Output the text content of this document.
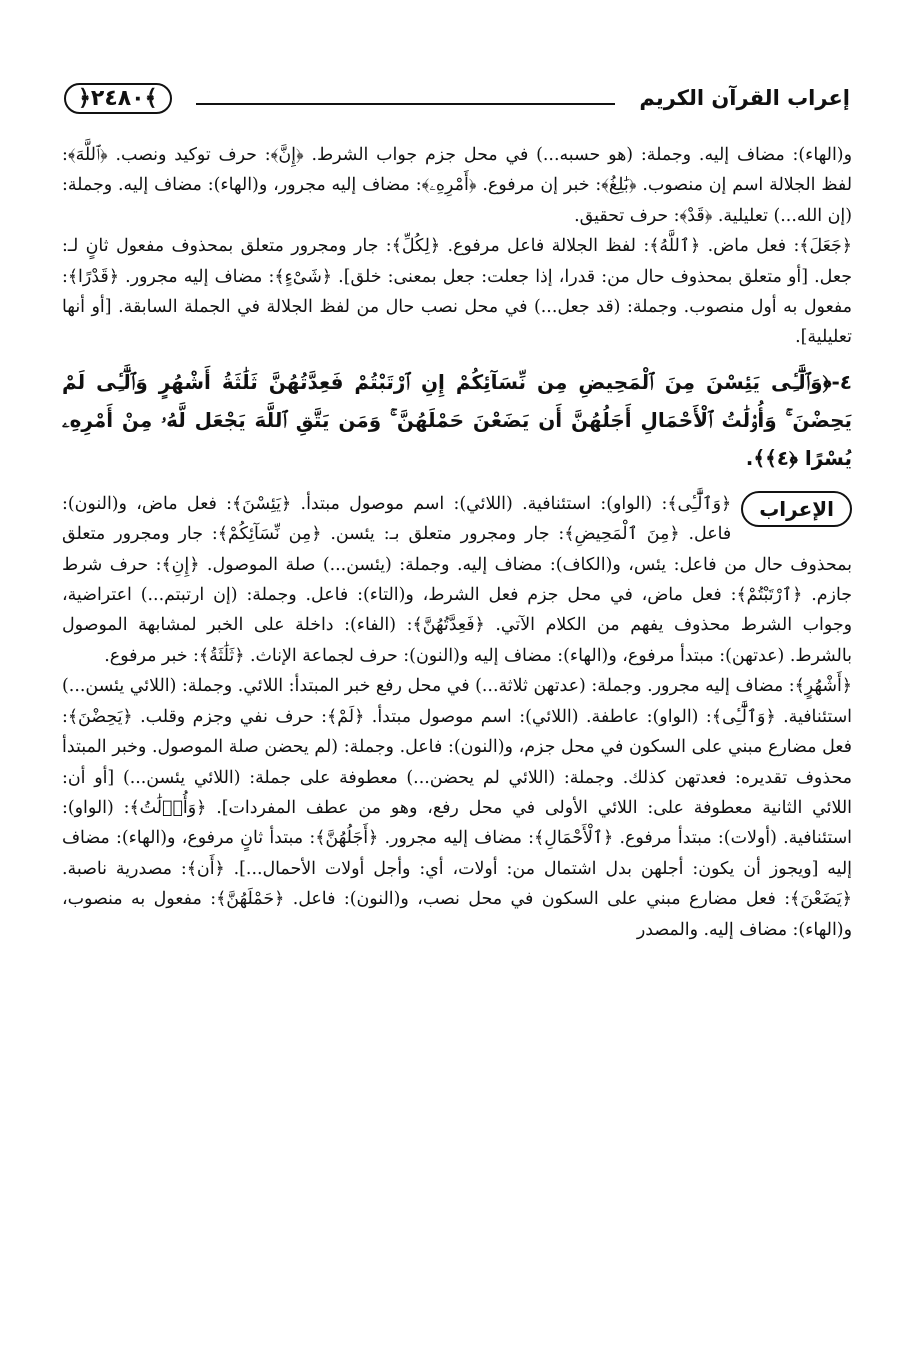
﴿٢٤٨٠﴾	إعراب القرآن الكريم

و(الهاء): مضاف إليه. وجملة: (هو حسبه...) في محل جزم جواب الشرط. ﴿إِنَّ﴾: حرف توكيد ونصب. ﴿ٱللَّهَ﴾: لفظ الجلالة اسم إن منصوب. ﴿بَٰلِغُ﴾: خبر إن مرفوع. ﴿أَمْرِهِۦ﴾: مضاف إليه مجرور، و(الهاء): مضاف إليه. وجملة: (إن الله...) تعليلية. ﴿قَدْ﴾: حرف تحقيق.

﴿جَعَلَ﴾: فعل ماض. ﴿ٱللَّهُ﴾: لفظ الجلالة فاعل مرفوع. ﴿لِكُلِّ﴾: جار ومجرور متعلق بمحذوف مفعول ثانٍ لـ: جعل. [أو متعلق بمحذوف حال من: قدرا، إذا جعلت: جعل بمعنى: خلق]. ﴿شَىْءٍ﴾: مضاف إليه مجرور. ﴿قَدْرًا﴾: مفعول به أول منصوب. وجملة: (قد جعل...) في محل نصب حال من لفظ الجلالة في الجملة السابقة. [أو أنها تعليلية].

٤-﴿وَٱلَّٰٓـِٔى يَئِسْنَ مِنَ ٱلْمَحِيضِ مِن نِّسَآئِكُمْ إِنِ ٱرْتَبْتُمْ فَعِدَّتُهُنَّ ثَلَٰثَةُ أَشْهُرٍ وَٱلَّٰٓـِٔى لَمْ يَحِضْنَ ۚ وَأُو۟لَٰتُ ٱلْأَحْمَالِ أَجَلُهُنَّ أَن يَضَعْنَ حَمْلَهُنَّ ۚ وَمَن يَتَّقِ ٱللَّهَ يَجْعَل لَّهُۥ مِنْ أَمْرِهِۦ يُسْرًا ﴿٤﴾﴾.

الإعراب

﴿وَٱلَّٰٓـِٔى﴾: (الواو): استئنافية. (اللائي): اسم موصول مبتدأ. ﴿يَئِسْنَ﴾: فعل ماض، و(النون): فاعل. ﴿مِنَ ٱلْمَحِيضِ﴾: جار ومجرور متعلق بـ: يئسن. ﴿مِن نِّسَآئِكُمْ﴾: جار ومجرور متعلق بمحذوف حال من فاعل: يئس، و(الكاف): مضاف إليه. وجملة: (يئسن...) صلة الموصول. ﴿إِنِ﴾: حرف شرط جازم. ﴿ٱرْتَبْتُمْ﴾: فعل ماض، في محل جزم فعل الشرط، و(التاء): فاعل. وجملة: (إن ارتبتم...) اعتراضية، وجواب الشرط محذوف يفهم من الكلام الآتي. ﴿فَعِدَّتُهُنَّ﴾: (الفاء): داخلة على الخبر لمشابهة الموصول بالشرط. (عدتهن): مبتدأ مرفوع، و(الهاء): مضاف إليه و(النون): حرف لجماعة الإناث. ﴿ثَلَٰثَةُ﴾: خبر مرفوع.

﴿أَشْهُرٍ﴾: مضاف إليه مجرور. وجملة: (عدتهن ثلاثة...) في محل رفع خبر المبتدأ: اللائي. وجملة: (اللائي يئسن...) استئنافية. ﴿وَٱلَّٰٓـِٔى﴾: (الواو): عاطفة. (اللائي): اسم موصول مبتدأ. ﴿لَمْ﴾: حرف نفي وجزم وقلب. ﴿يَحِضْنَ﴾: فعل مضارع مبني على السكون في محل جزم، و(النون): فاعل. وجملة: (لم يحضن صلة الموصول. وخبر المبتدأ محذوف تقديره: فعدتهن كذلك. وجملة: (اللائي لم يحضن...) معطوفة على جملة: (اللائي يئسن...) [أو أن: اللائي الثانية معطوفة على: اللائي الأولى في محل رفع، وهو من عطف المفردات]. ﴿وَأُو۟لَٰتُ﴾: (الواو): استئنافية. (أولات): مبتدأ مرفوع. ﴿ٱلْأَحْمَالِ﴾: مضاف إليه مجرور. ﴿أَجَلُهُنَّ﴾: مبتدأ ثانٍ مرفوع، و(الهاء): مضاف إليه [ويجوز أن يكون: أجلهن بدل اشتمال من: أولات، أي: وأجل أولات الأحمال...]. ﴿أَن﴾: مصدرية ناصبة. ﴿يَضَعْنَ﴾: فعل مضارع مبني على السكون في محل نصب، و(النون): فاعل. ﴿حَمْلَهُنَّ﴾: مفعول به منصوب، و(الهاء): مضاف إليه. والمصدر
